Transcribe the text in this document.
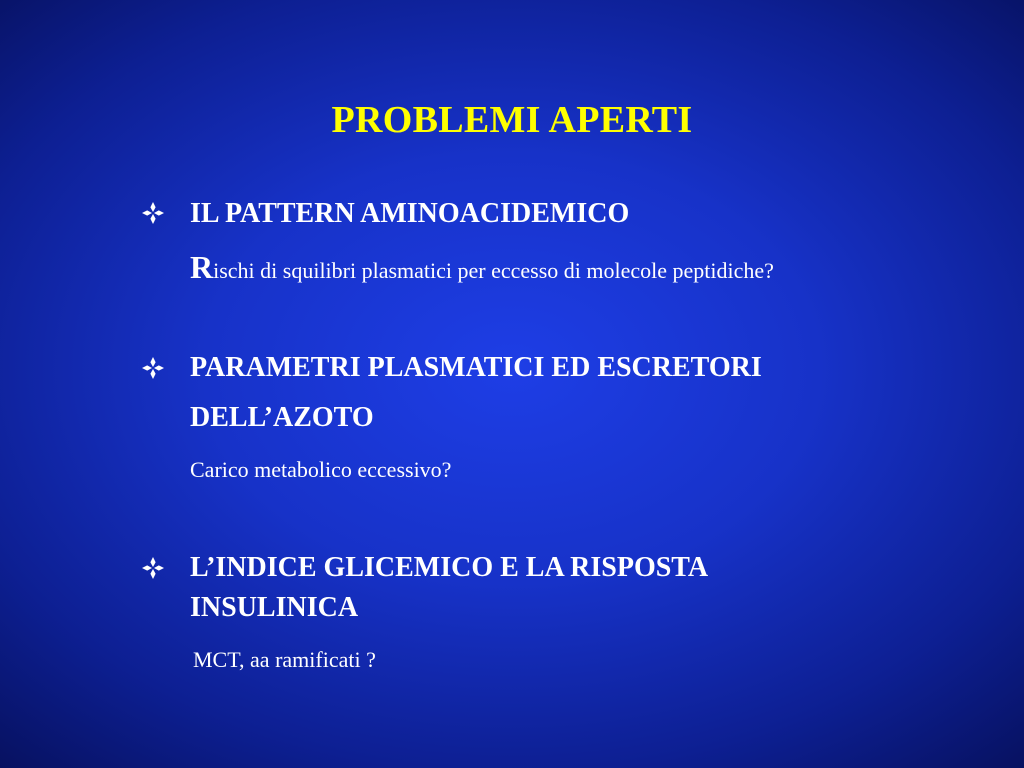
PROBLEMI APERTI
IL PATTERN AMINOACIDEMICO
Rischi di squilibri plasmatici per eccesso di molecole peptidiche?
PARAMETRI PLASMATICI ED ESCRETORI
DELL’AZOTO
Carico metabolico eccessivo?
L’INDICE GLICEMICO E LA RISPOSTA
INSULINICA
MCT, aa ramificati ?
